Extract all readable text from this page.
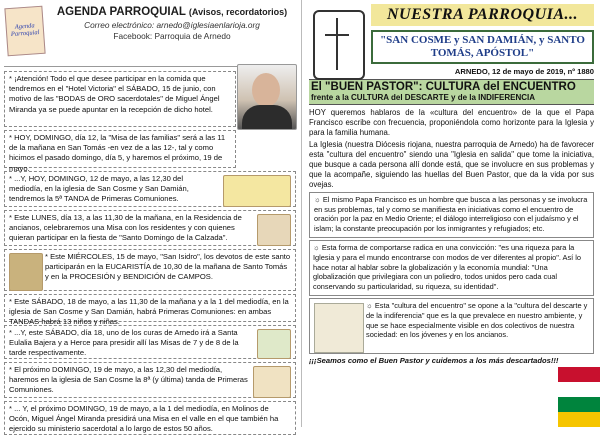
Agenda Parroquial
AGENDA PARROQUIAL (Avisos, recordatorios)
Correo electrónico: arnedo@iglesiaenlarioja.org
Facebook: Parroquia de Arnedo

* ¡Atención! Todo el que desee participar en la comida que tendremos en el "Hotel Victoria" el SÁBADO, 15 de junio, con motivo de las "BODAS de ORO sacerdotales" de Miguel Ángel Miranda ya se puede apuntar en la recepción de dicho hotel.

* HOY, DOMINGO, día 12, la "Misa de las familias" será a las 11 de la mañana en San Tomás -en vez de a las 12-, tal y como hicimos el pasado domingo, día 5, y haremos el próximo, 19 de mayo.

* ...Y, HOY, DOMINGO, 12 de mayo, a las 12,30 del mediodía, en la iglesia de San Cosme y San Damián, tendremos la 5ª TANDA de Primeras Comuniones.

* Este LUNES, día 13, a las 11,30 de la mañana, en la Residencia de ancianos, celebraremos una Misa con los residentes y con quienes quieran participar en la fiesta de "Santo Domingo de la Calzada".

* Este MIÉRCOLES, 15 de mayo, "San Isidro", los devotos de este santo participarán en la EUCARISTÍA de 10,30 de la mañana de Santo Tomás y en la PROCESIÓN y BENDICIÓN de CAMPOS.

* Este SÁBADO, 18 de mayo, a las 11,30 de la mañana y a la 1 del mediodía, en la iglesia de San Cosme y San Damián, habrá Primeras Comuniones: en ambas TANDAS habrá 13 niños y niñas.

* ...Y, este SÁBADO, día 18, uno de los curas de Arnedo irá a Santa Eulalia Bajera y a Herce para presidir allí las Misas de 7 y de 8 de la tarde respectivamente.

* El próximo DOMINGO, 19 de mayo, a las 12,30 del mediodía, haremos en la iglesia de San Cosme la 8ª (y última) tanda de Primeras Comuniones.

* ... Y, el próximo DOMINGO, 19 de mayo, a la 1 del mediodía, en Molinos de Ocón, Miguel Ángel Miranda presidirá una Misa en el valle en el que también ha ejercido su ministerio sacerdotal a lo largo de estos 50 años.

NUESTRA PARROQUIA...
"SAN COSME y SAN DAMIÁN, y SANTO TOMÁS, APÓSTOL"
ARNEDO, 12 de mayo de 2019, nº 1880
El "BUEN PASTOR": CULTURA del ENCUENTRO
frente a la CULTURA del DESCARTE y de la INDIFERENCIA

HOY queremos hablaros de la «cultura del encuentro» de la que el Papa Francisco escribe con frecuencia, proponiéndola como horizonte para la Iglesia y para la familia humana.

La Iglesia (nuestra Diócesis riojana, nuestra parroquia de Arnedo) ha de favorecer esta "cultura del encuentro" siendo una "Iglesia en salida" que tome la iniciativa, que busque a cada persona allí donde está, que se involucre en sus problemas y que la acompañe, siguiendo las huellas del Buen Pastor, que da la vida por sus ovejas.

☼ El mismo Papa Francisco es un hombre que busca a las personas y se involucra en sus problemas, tal y como se manifiesta en iniciativas como el encuentro de oración por la paz en Medio Oriente; el diálogo interreligioso con el judaísmo y el islam; la constante preocupación por los inmigrantes y refugiados; etc.

☼ Esta forma de comportarse radica en una convicción: "es una riqueza para la Iglesia y para el mundo encontrarse con modos de ver diferentes al propio". Así lo hace notar al hablar sobre la globalización y la economía mundial: "Una globalización que privilegiara con un poliedro, todos unidos pero cada cual conservando su particularidad, su riqueza, su identidad".

☼ Esta "cultura del encuentro" se opone a la "cultura del descarte y de la indiferencia" que es la que prevalece en nuestro ambiente, y que se hace especialmente visible en dos colectivos de nuestra sociedad: en los jóvenes y en los ancianos.

¡¡¡Seamos como el Buen Pastor y cuidemos a los más descartados!!!
